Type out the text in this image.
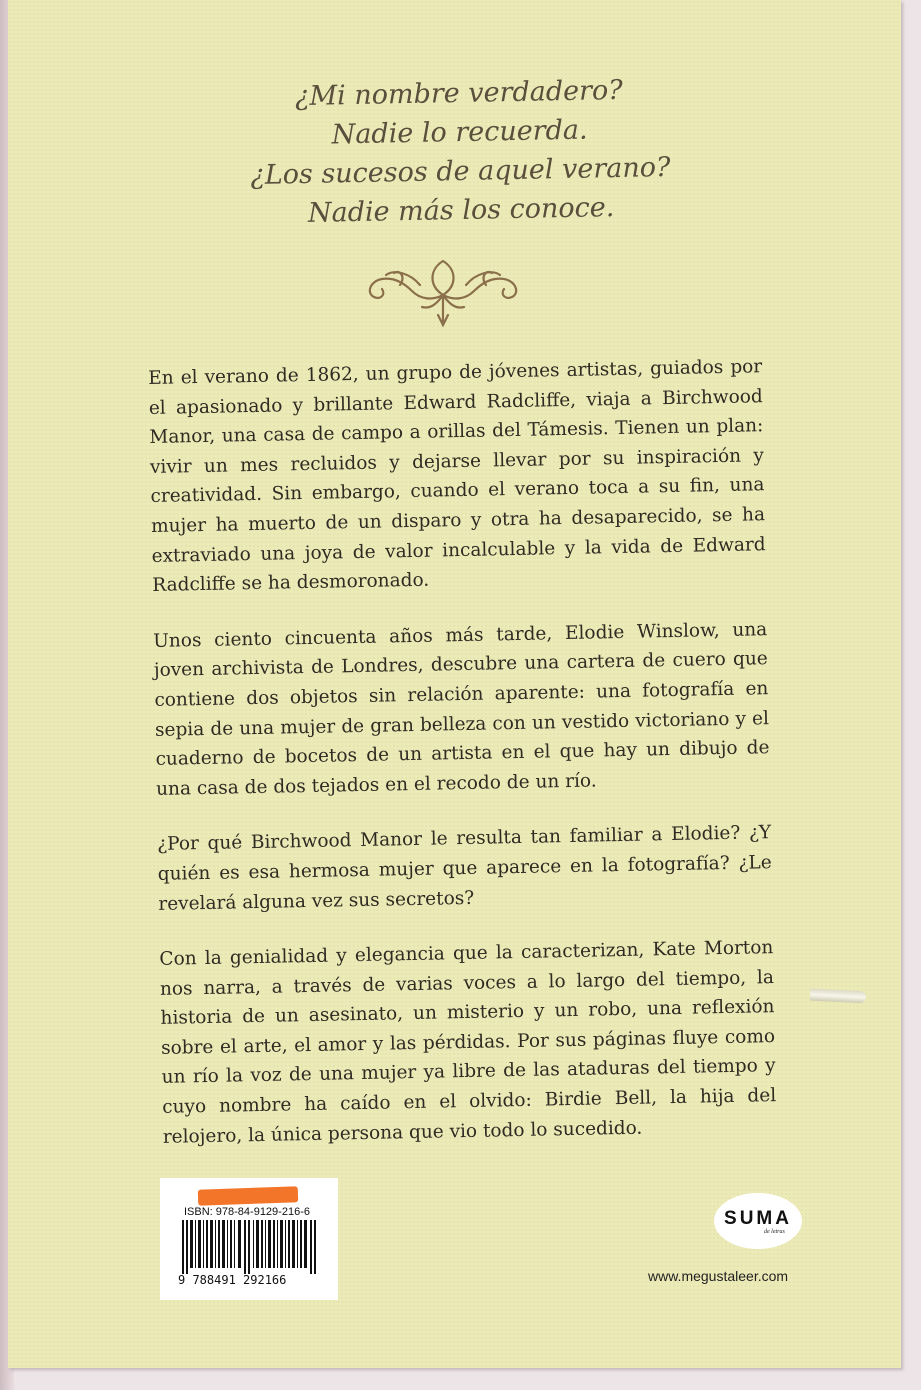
¿Mi nombre verdadero?
Nadie lo recuerda.
¿Los sucesos de aquel verano?
Nadie más los conoce.

En el verano de 1862, un grupo de jóvenes artistas, guiados por el apasionado y brillante Edward Radcliffe, viaja a Birchwood Manor, una casa de campo a orillas del Támesis. Tienen un plan: vivir un mes recluidos y dejarse llevar por su inspiración y creatividad. Sin embargo, cuando el verano toca a su fin, una mujer ha muerto de un disparo y otra ha desaparecido, se ha extraviado una joya de valor incalculable y la vida de Edward Radcliffe se ha desmoronado.

Unos ciento cincuenta años más tarde, Elodie Winslow, una joven archivista de Londres, descubre una cartera de cuero que contiene dos objetos sin relación aparente: una fotografía en sepia de una mujer de gran belleza con un vestido victoriano y el cuaderno de bocetos de un artista en el que hay un dibujo de una casa de dos tejados en el recodo de un río.

¿Por qué Birchwood Manor le resulta tan familiar a Elodie? ¿Y quién es esa hermosa mujer que aparece en la fotografía? ¿Le revelará alguna vez sus secretos?

Con la genialidad y elegancia que la caracterizan, Kate Morton nos narra, a través de varias voces a lo largo del tiempo, la historia de un asesinato, un misterio y un robo, una reflexión sobre el arte, el amor y las pérdidas. Por sus páginas fluye como un río la voz de una mujer ya libre de las ataduras del tiempo y cuyo nombre ha caído en el olvido: Birdie Bell, la hija del relojero, la única persona que vio todo lo sucedido.

ISBN: 978-84-9129-216-6
9 788491 292166
SUMA
de letras
www.megustaleer.com
